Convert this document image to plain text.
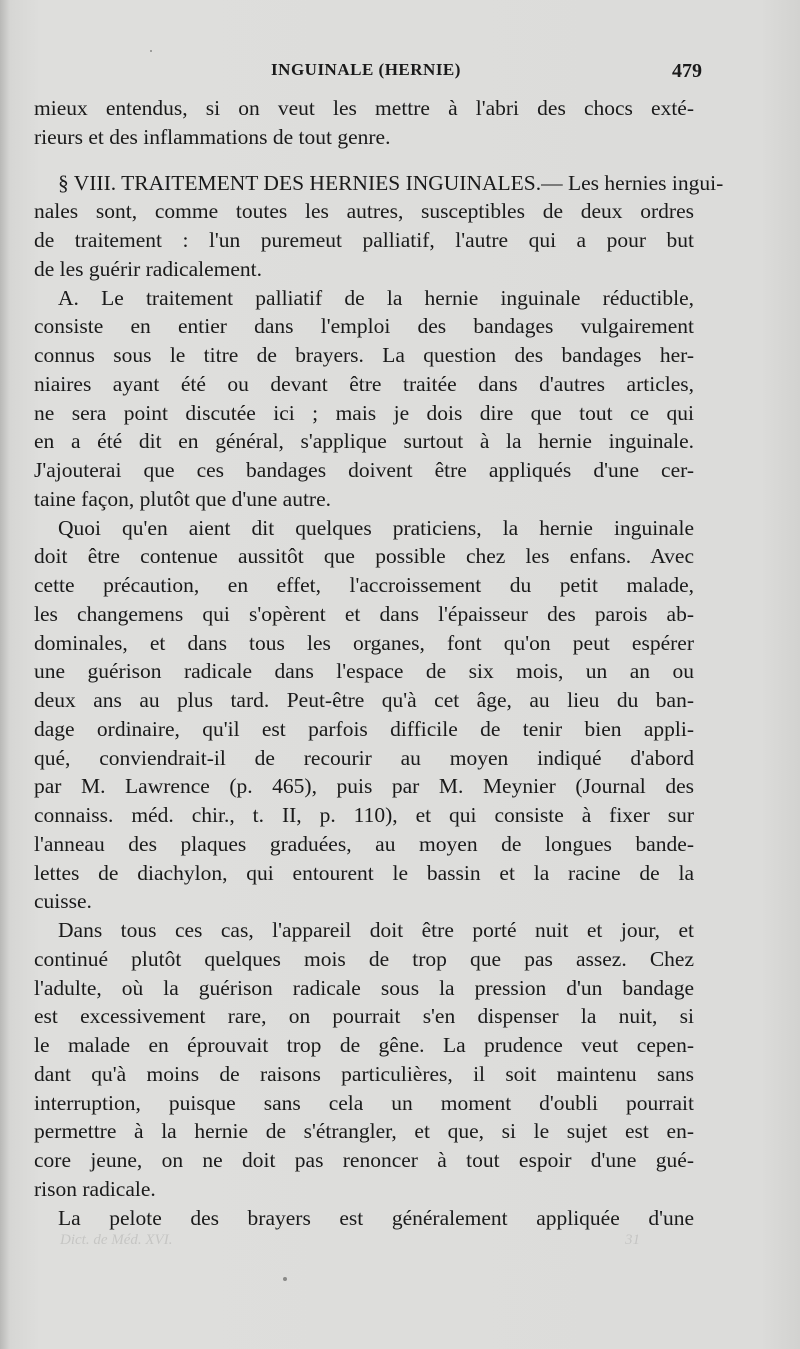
INGUINALE (HERNIE)	479

mieux entendus, si on veut les mettre à l'abri des chocs exté-
rieurs et des inflammations de tout genre.

§ VIII. TRAITEMENT DES HERNIES INGUINALES.— Les hernies ingui-
nales sont, comme toutes les autres, susceptibles de deux ordres
de traitement : l'un puremeut palliatif, l'autre qui a pour but
de les guérir radicalement.

A. Le traitement palliatif de la hernie inguinale réductible,
consiste en entier dans l'emploi des bandages vulgairement
connus sous le titre de brayers. La question des bandages her-
niaires ayant été ou devant être traitée dans d'autres articles,
ne sera point discutée ici ; mais je dois dire que tout ce qui
en a été dit en général, s'applique surtout à la hernie inguinale.
J'ajouterai que ces bandages doivent être appliqués d'une cer-
taine façon, plutôt que d'une autre.

Quoi qu'en aient dit quelques praticiens, la hernie inguinale
doit être contenue aussitôt que possible chez les enfans. Avec
cette précaution, en effet, l'accroissement du petit malade,
les changemens qui s'opèrent et dans l'épaisseur des parois ab-
dominales, et dans tous les organes, font qu'on peut espérer
une guérison radicale dans l'espace de six mois, un an ou
deux ans au plus tard. Peut-être qu'à cet âge, au lieu du ban-
dage ordinaire, qu'il est parfois difficile de tenir bien appli-
qué, conviendrait-il de recourir au moyen indiqué d'abord
par M. Lawrence (p. 465), puis par M. Meynier (Journal des
connaiss. méd. chir., t. II, p. 110), et qui consiste à fixer sur
l'anneau des plaques graduées, au moyen de longues bande-
lettes de diachylon, qui entourent le bassin et la racine de la
cuisse.

Dans tous ces cas, l'appareil doit être porté nuit et jour, et
continué plutôt quelques mois de trop que pas assez. Chez
l'adulte, où la guérison radicale sous la pression d'un bandage
est excessivement rare, on pourrait s'en dispenser la nuit, si
le malade en éprouvait trop de gêne. La prudence veut cepen-
dant qu'à moins de raisons particulières, il soit maintenu sans
interruption, puisque sans cela un moment d'oubli pourrait
permettre à la hernie de s'étrangler, et que, si le sujet est en-
core jeune, on ne doit pas renoncer à tout espoir d'une gué-
rison radicale.

La pelote des brayers est généralement appliquée d'une

Dict. de Méd. XVI.	31
